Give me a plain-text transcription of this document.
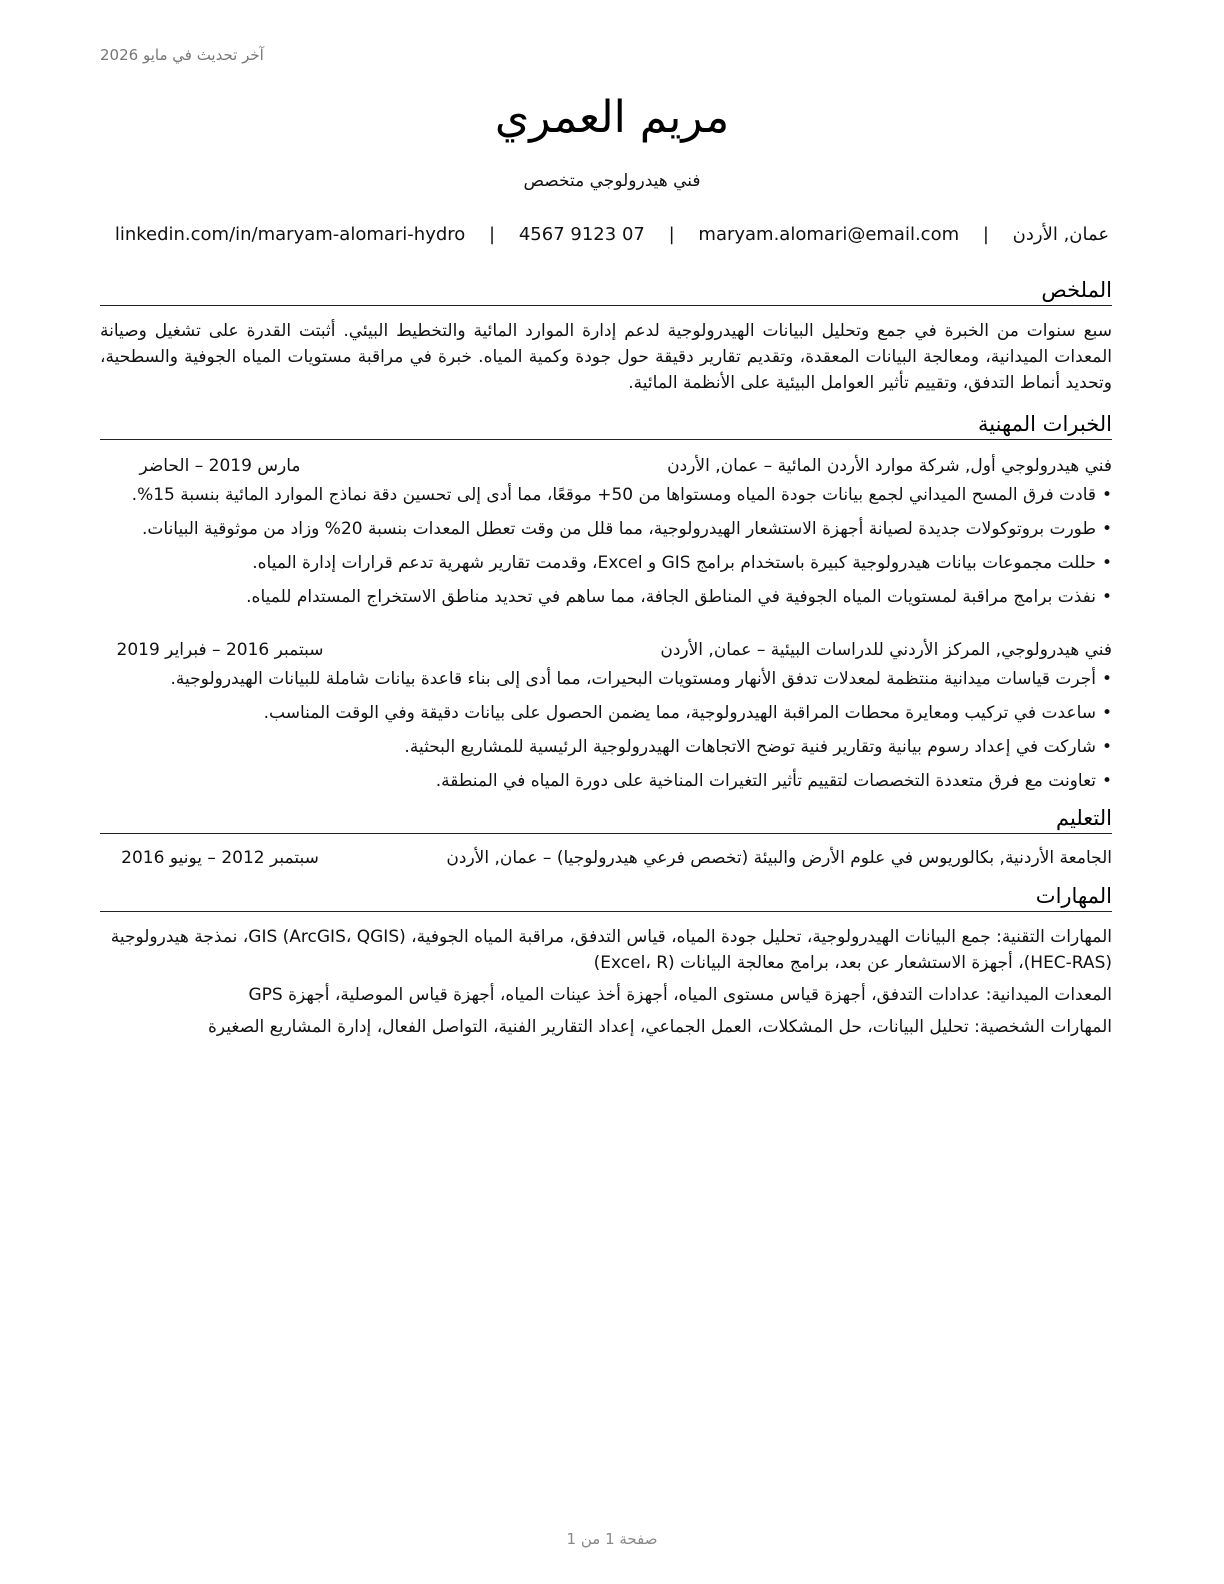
آخر تحديث في مايو 2026
مريم العمري
فني هيدرولوجي متخصص
عمان, الأردن | maryam.alomari@email.com | 07 9123 4567 | linkedin.com/in/maryam-alomari-hydro
الملخص

سبع سنوات من الخبرة في جمع وتحليل البيانات الهيدرولوجية لدعم إدارة الموارد المائية والتخطيط البيئي. أثبتت القدرة على تشغيل وصيانة المعدات الميدانية، ومعالجة البيانات المعقدة، وتقديم تقارير دقيقة حول جودة وكمية المياه. خبرة في مراقبة مستويات المياه الجوفية والسطحية، وتحديد أنماط التدفق، وتقييم تأثير العوامل البيئية على الأنظمة المائية.

الخبرات المهنية
فني هيدرولوجي أول, شركة موارد الأردن المائية – عمان, الأردن
مارس 2019 – الحاضر
• قادت فرق المسح الميداني لجمع بيانات جودة المياه ومستواها من 50+ موقعًا، مما أدى إلى تحسين دقة نماذج الموارد المائية بنسبة 15%.
• طورت بروتوكولات جديدة لصيانة أجهزة الاستشعار الهيدرولوجية، مما قلل من وقت تعطل المعدات بنسبة 20% وزاد من موثوقية البيانات.
• حللت مجموعات بيانات هيدرولوجية كبيرة باستخدام برامج GIS و Excel، وقدمت تقارير شهرية تدعم قرارات إدارة المياه.
• نفذت برامج مراقبة لمستويات المياه الجوفية في المناطق الجافة، مما ساهم في تحديد مناطق الاستخراج المستدام للمياه.
فني هيدرولوجي, المركز الأردني للدراسات البيئية – عمان, الأردن
سبتمبر 2016 – فبراير 2019
• أجرت قياسات ميدانية منتظمة لمعدلات تدفق الأنهار ومستويات البحيرات، مما أدى إلى بناء قاعدة بيانات شاملة للبيانات الهيدرولوجية.
• ساعدت في تركيب ومعايرة محطات المراقبة الهيدرولوجية، مما يضمن الحصول على بيانات دقيقة وفي الوقت المناسب.
• شاركت في إعداد رسوم بيانية وتقارير فنية توضح الاتجاهات الهيدرولوجية الرئيسية للمشاريع البحثية.
• تعاونت مع فرق متعددة التخصصات لتقييم تأثير التغيرات المناخية على دورة المياه في المنطقة.
التعليم
الجامعة الأردنية, بكالوريوس في علوم الأرض والبيئة (تخصص فرعي هيدرولوجيا) – عمان, الأردن
سبتمبر 2012 – يونيو 2016
المهارات

المهارات التقنية: جمع البيانات الهيدرولوجية، تحليل جودة المياه، قياس التدفق، مراقبة المياه الجوفية، GIS (ArcGIS، QGIS)، نمذجة هيدرولوجية (HEC-RAS)، أجهزة الاستشعار عن بعد، برامج معالجة البيانات (Excel، R)

المعدات الميدانية: عدادات التدفق، أجهزة قياس مستوى المياه، أجهزة أخذ عينات المياه، أجهزة قياس الموصلية، أجهزة GPS

المهارات الشخصية: تحليل البيانات، حل المشكلات، العمل الجماعي، إعداد التقارير الفنية، التواصل الفعال، إدارة المشاريع الصغيرة

صفحة 1 من 1
